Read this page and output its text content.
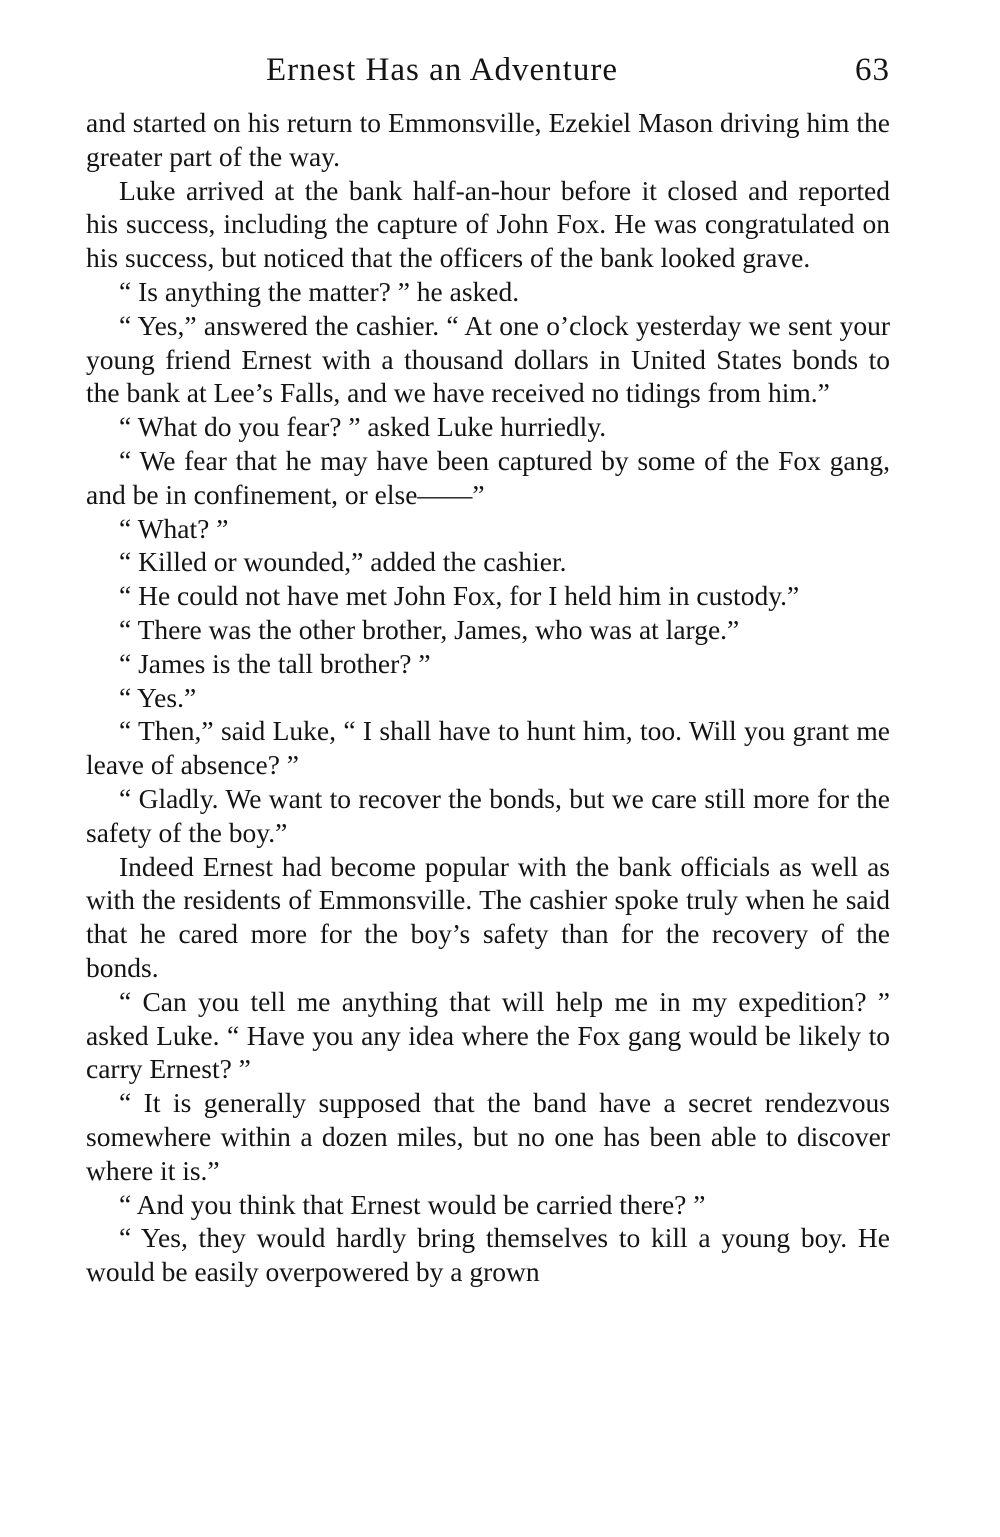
Ernest Has an Adventure	63

and started on his return to Emmonsville, Ezekiel Mason driving him the greater part of the way.

Luke arrived at the bank half-an-hour before it closed and reported his success, including the capture of John Fox. He was congratulated on his success, but noticed that the officers of the bank looked grave.

“ Is anything the matter? ” he asked.

“ Yes,” answered the cashier. “ At one o’clock yesterday we sent your young friend Ernest with a thousand dollars in United States bonds to the bank at Lee’s Falls, and we have received no tidings from him.”

“ What do you fear? ” asked Luke hurriedly.

“ We fear that he may have been captured by some of the Fox gang, and be in confinement, or else——”

“ What? ”

“ Killed or wounded,” added the cashier.

“ He could not have met John Fox, for I held him in custody.”

“ There was the other brother, James, who was at large.”

“ James is the tall brother? ”

“ Yes.”

“ Then,” said Luke, “ I shall have to hunt him, too. Will you grant me leave of absence? ”

“ Gladly. We want to recover the bonds, but we care still more for the safety of the boy.”

Indeed Ernest had become popular with the bank officials as well as with the residents of Emmonsville. The cashier spoke truly when he said that he cared more for the boy’s safety than for the recovery of the bonds.

“ Can you tell me anything that will help me in my expedition? ” asked Luke. “ Have you any idea where the Fox gang would be likely to carry Ernest? ”

“ It is generally supposed that the band have a secret rendezvous somewhere within a dozen miles, but no one has been able to discover where it is.”

“ And you think that Ernest would be carried there? ”

“ Yes, they would hardly bring themselves to kill a young boy. He would be easily overpowered by a grown
